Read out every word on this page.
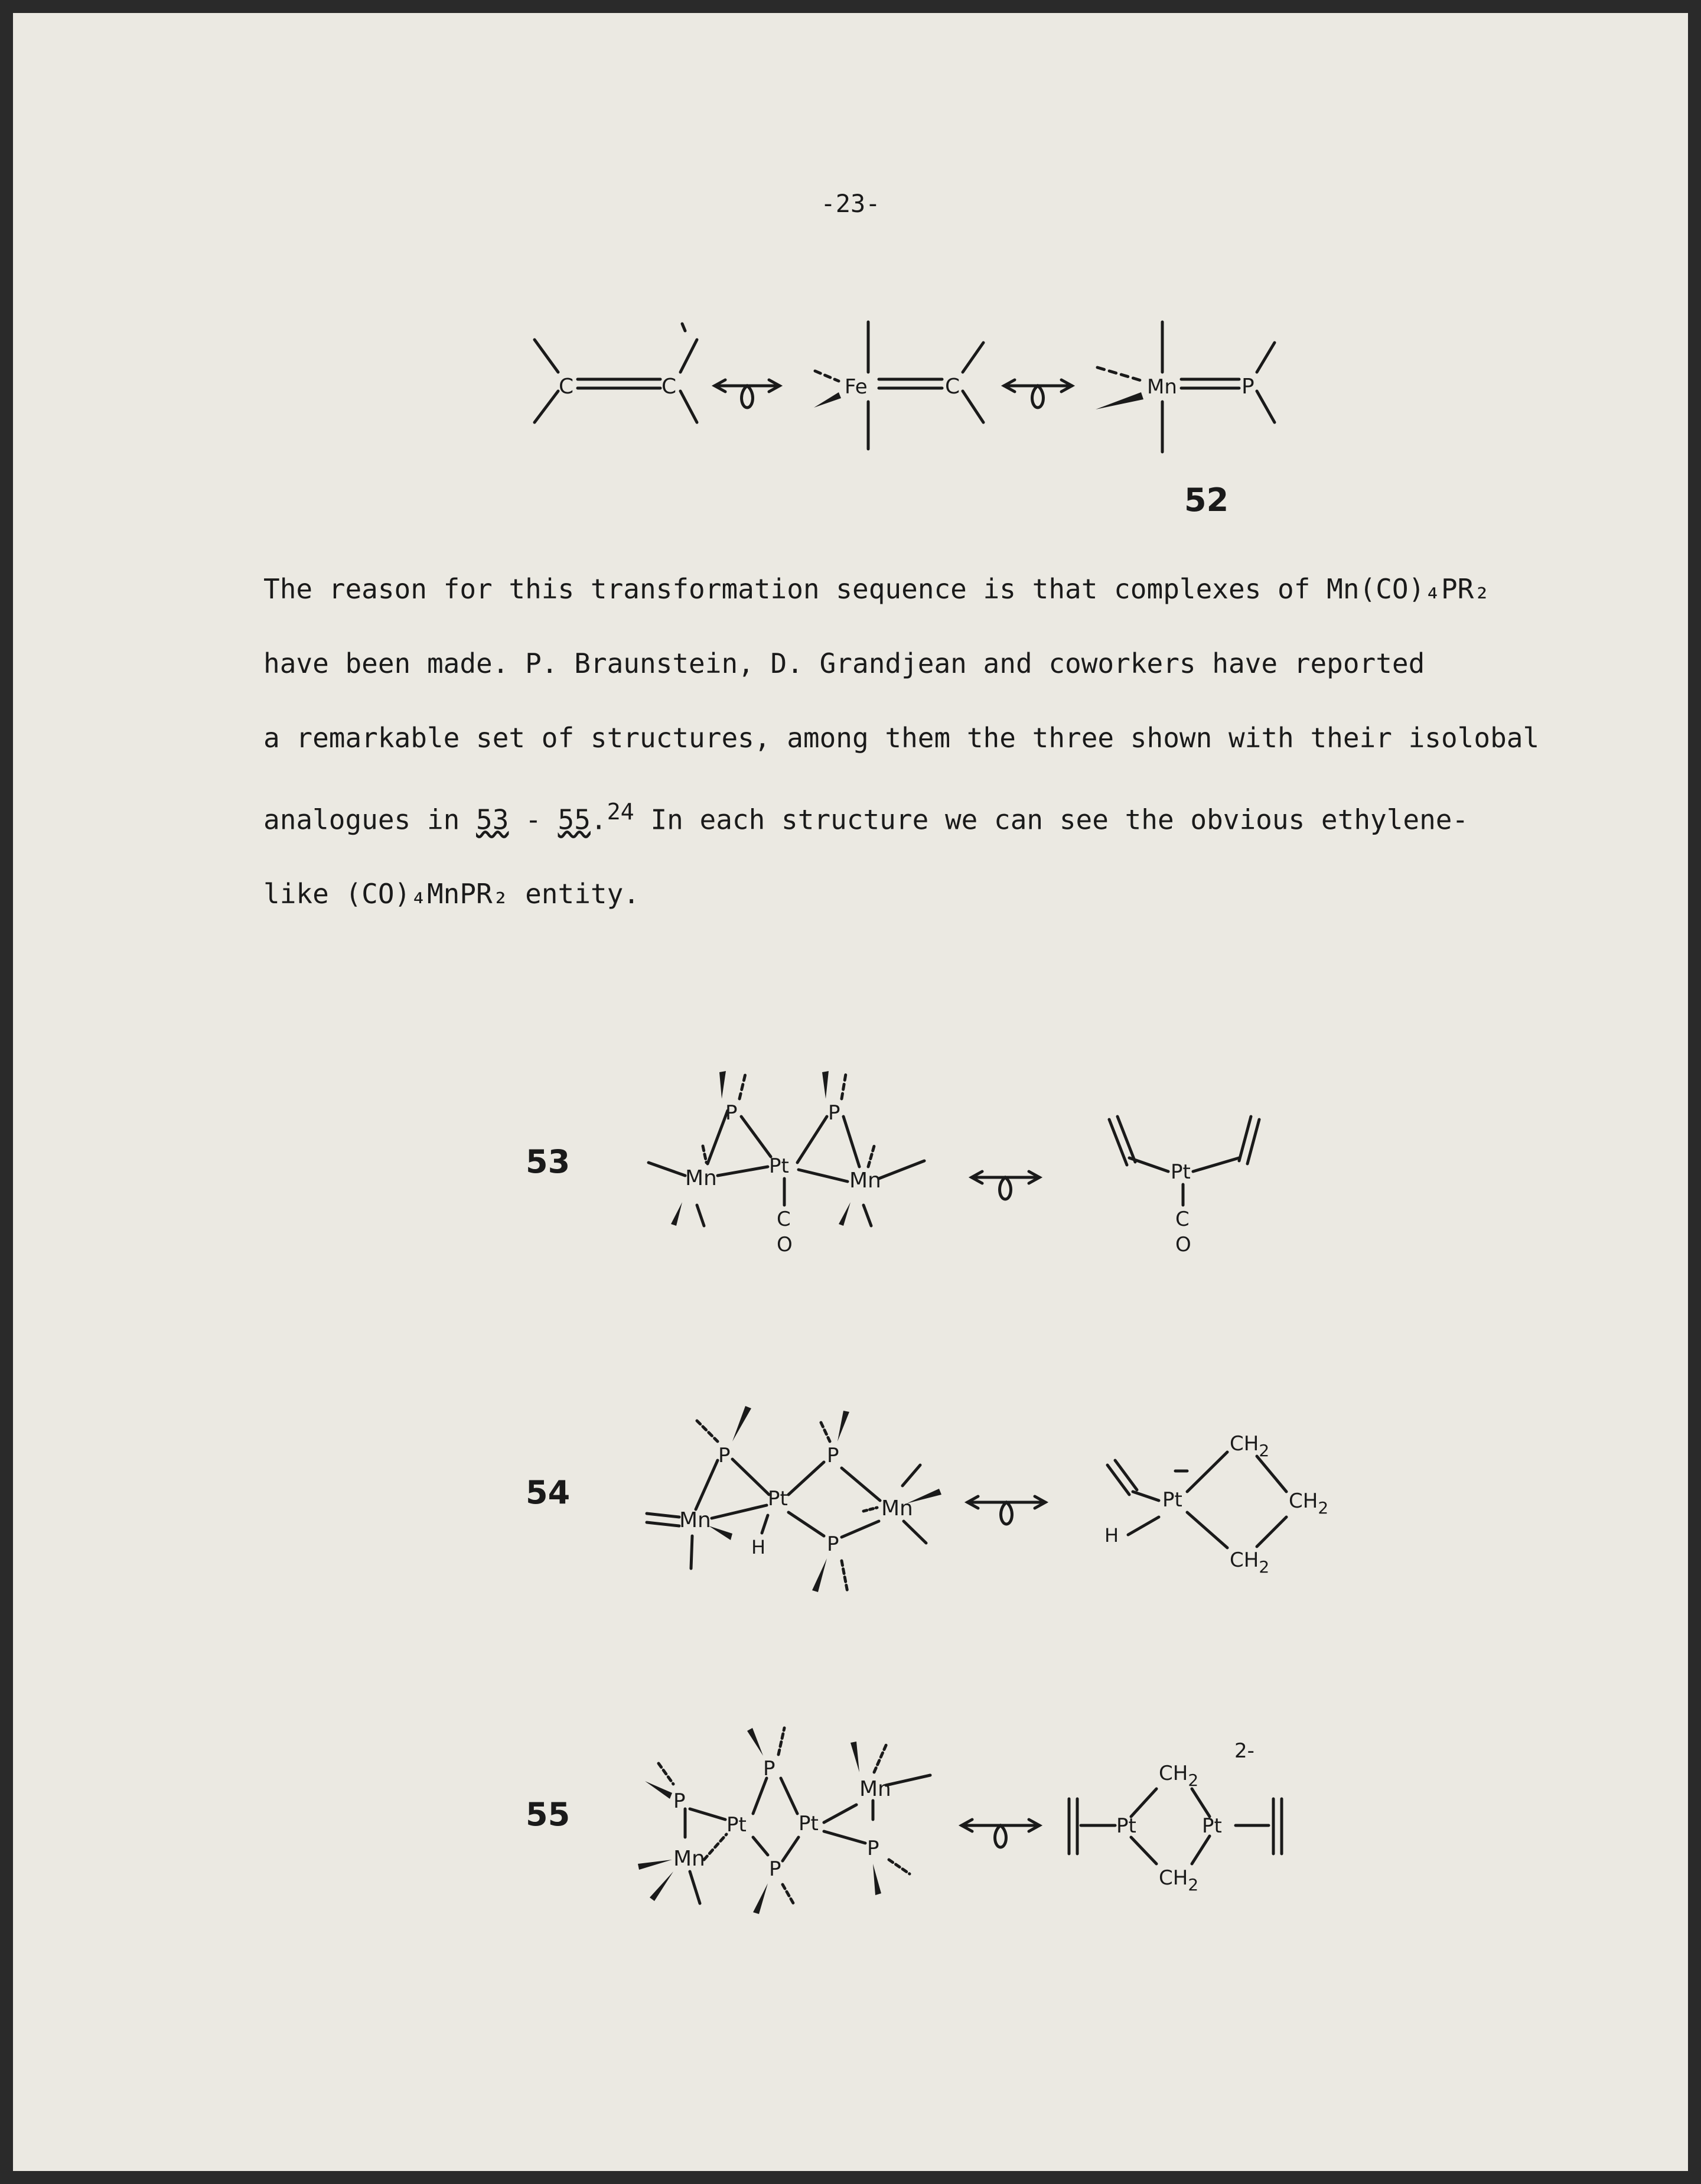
-23-
The reason for this transformation sequence is that complexes of Mn(CO)₄PR₂
have been made. P. Braunstein, D. Grandjean and coworkers have reported
a remarkable set of structures, among them the three shown with their isolobal
analogues in 53 - 55.24 In each structure we can see the obvious ethylene-
like (CO)₄MnPR₂ entity.
52
53
54
55
C	C	Fe	C	Mn	P
Mn
P
Pt
C
O
P
Mn	Pt
C
O
Mn
P
Pt
H
P
P
Mn	Pt
H
$CH_2$
$CH_2$
$CH_2$
P
Mn
Pt
P
P
Pt
Mn
P
Pt
$CH_2$
$CH_2$
Pt
2-
